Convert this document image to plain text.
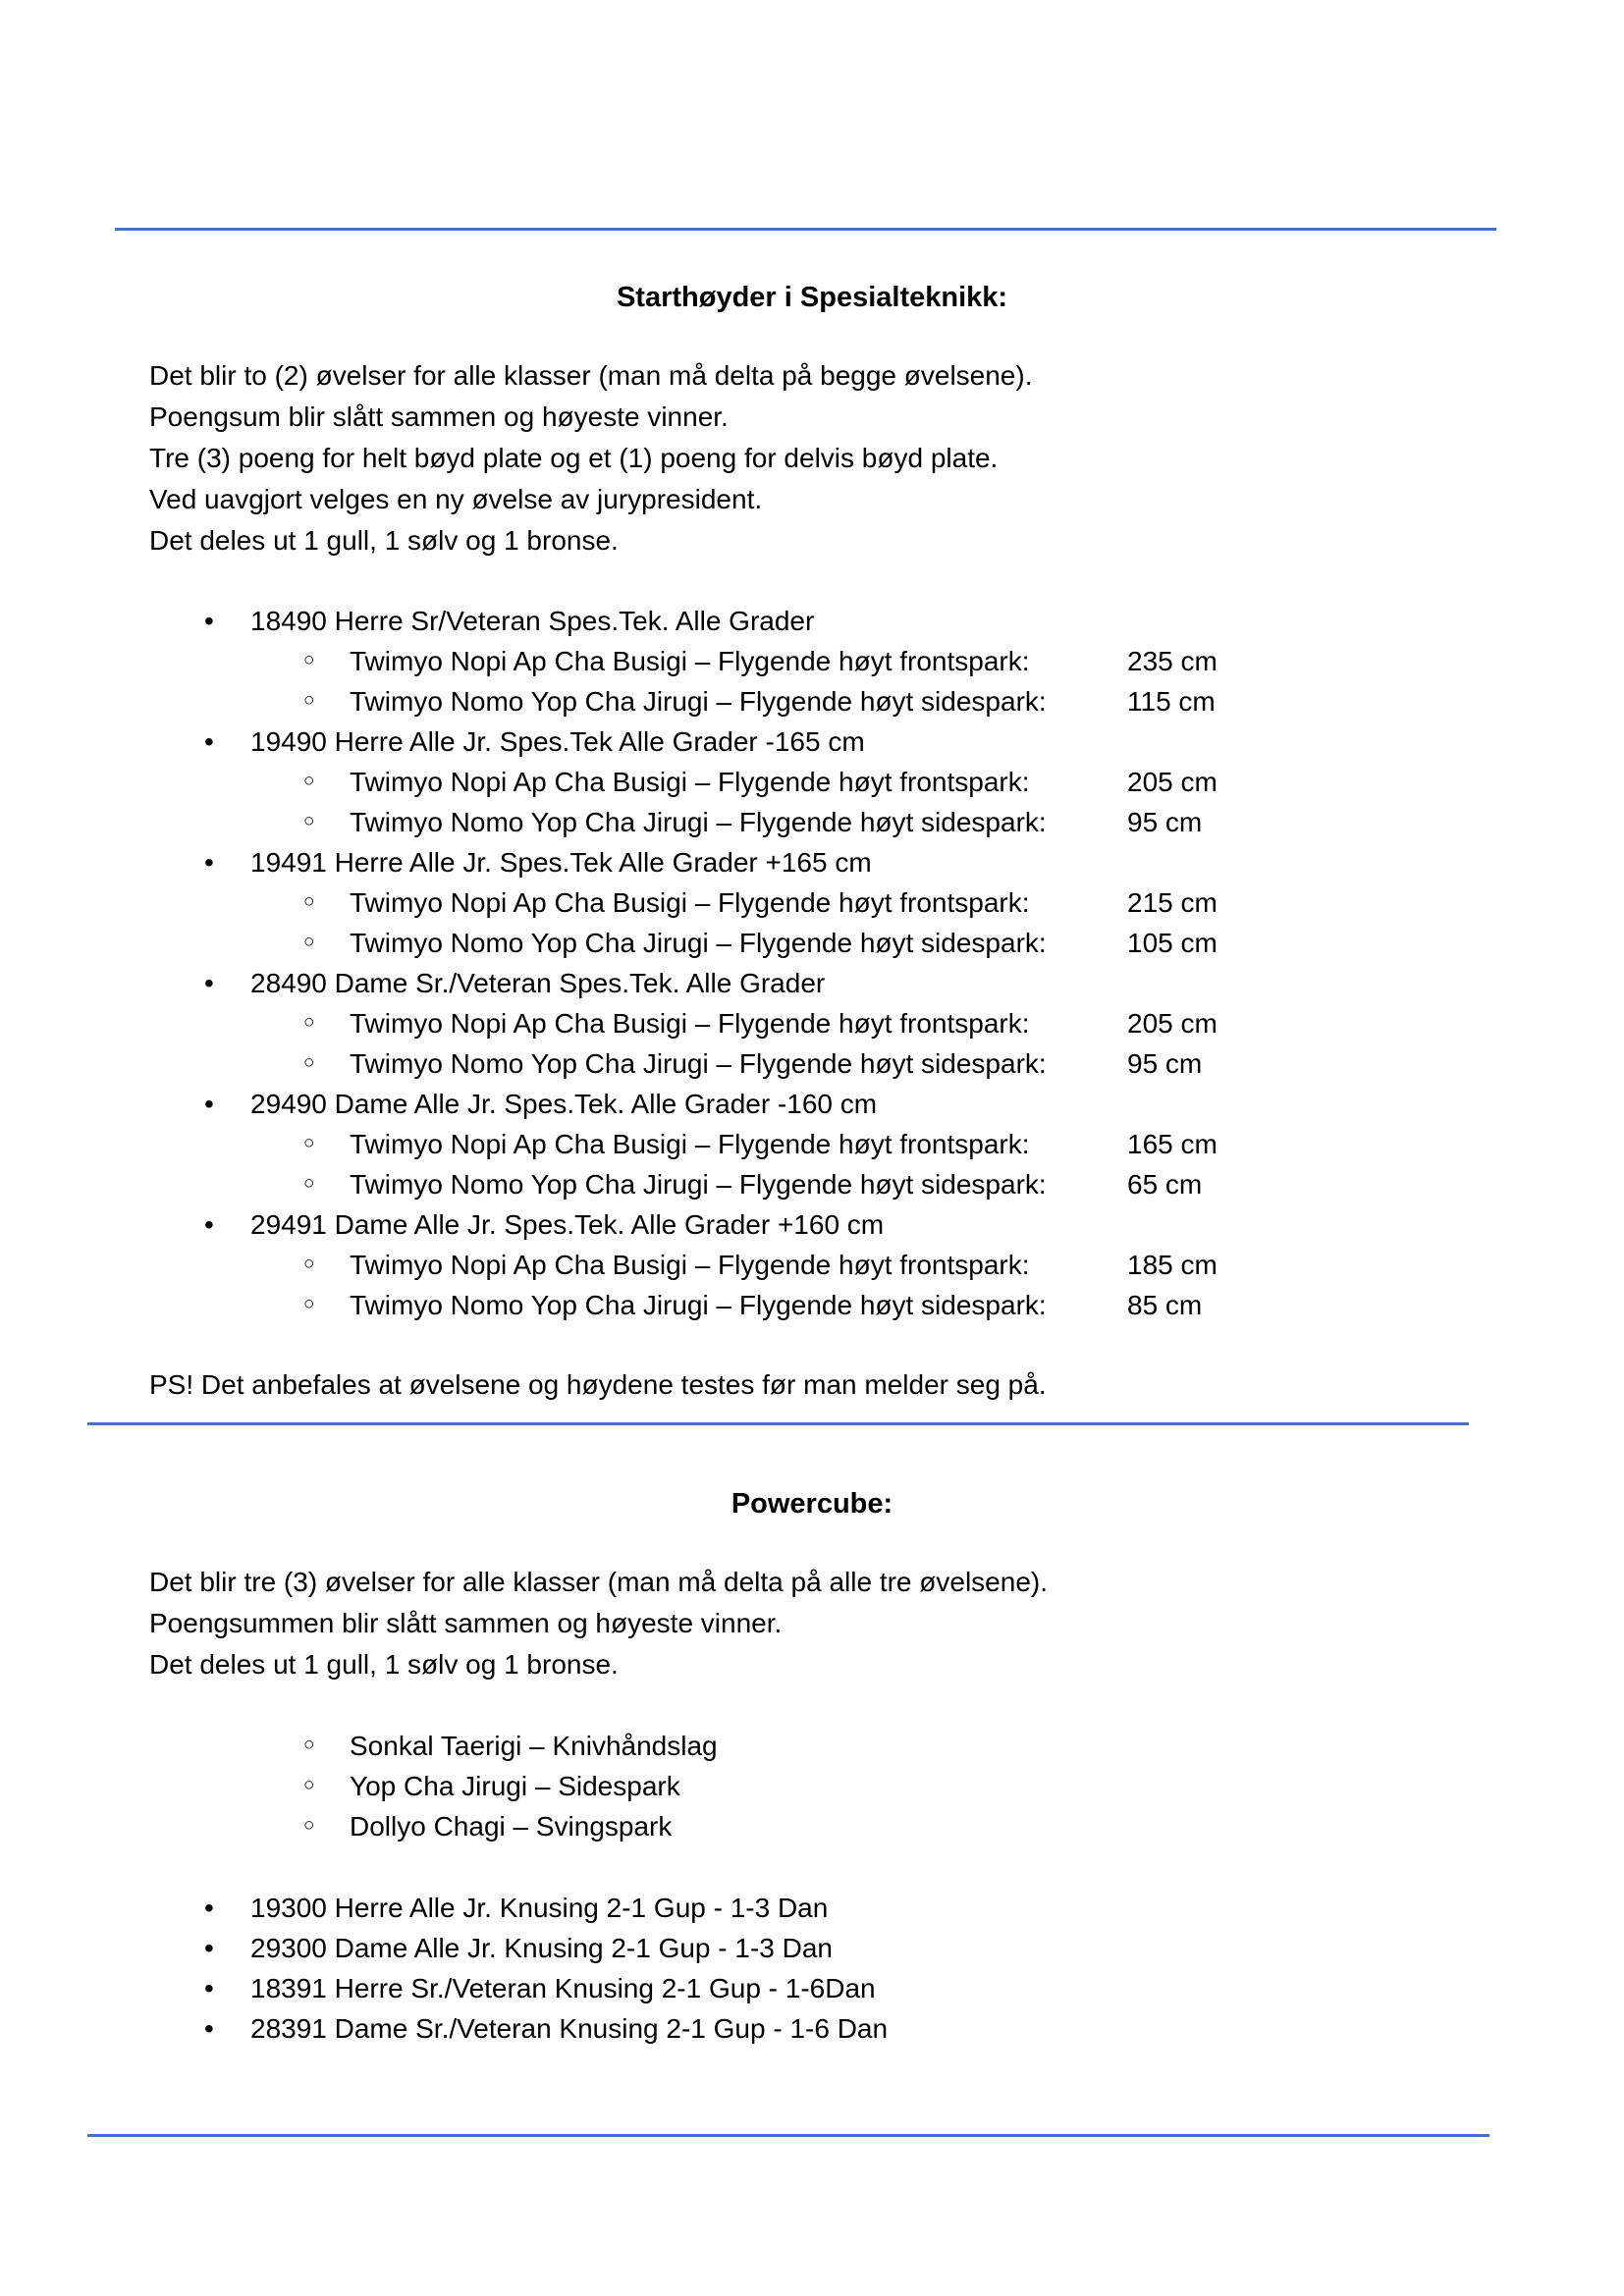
Starthøyder i Spesialteknikk:
Det blir to (2) øvelser for alle klasser (man må delta på begge øvelsene).
Poengsum blir slått sammen og høyeste vinner.
Tre (3) poeng for helt bøyd plate og et (1) poeng for delvis bøyd plate.
Ved uavgjort velges en ny øvelse av jurypresident.
Det deles ut 1 gull, 1 sølv og 1 bronse.
• 18490 Herre Sr/Veteran Spes.Tek. Alle Grader
○ Twimyo Nopi Ap Cha Busigi – Flygende høyt frontspark:	235 cm
○ Twimyo Nomo Yop Cha Jirugi – Flygende høyt sidespark:	115 cm
• 19490 Herre Alle Jr. Spes.Tek Alle Grader -165 cm
○ Twimyo Nopi Ap Cha Busigi – Flygende høyt frontspark:	205 cm
○ Twimyo Nomo Yop Cha Jirugi – Flygende høyt sidespark:	95 cm
• 19491 Herre Alle Jr. Spes.Tek Alle Grader +165 cm
○ Twimyo Nopi Ap Cha Busigi – Flygende høyt frontspark:	215 cm
○ Twimyo Nomo Yop Cha Jirugi – Flygende høyt sidespark:	105 cm
• 28490 Dame Sr./Veteran Spes.Tek. Alle Grader
○ Twimyo Nopi Ap Cha Busigi – Flygende høyt frontspark:	205 cm
○ Twimyo Nomo Yop Cha Jirugi – Flygende høyt sidespark:	95 cm
• 29490 Dame Alle Jr. Spes.Tek. Alle Grader -160 cm
○ Twimyo Nopi Ap Cha Busigi – Flygende høyt frontspark:	165 cm
○ Twimyo Nomo Yop Cha Jirugi – Flygende høyt sidespark:	65 cm
• 29491 Dame Alle Jr. Spes.Tek. Alle Grader +160 cm
○ Twimyo Nopi Ap Cha Busigi – Flygende høyt frontspark:	185 cm
○ Twimyo Nomo Yop Cha Jirugi – Flygende høyt sidespark:	85 cm
PS! Det anbefales at øvelsene og høydene testes før man melder seg på.
Powercube:
Det blir tre (3) øvelser for alle klasser (man må delta på alle tre øvelsene).
Poengsummen blir slått sammen og høyeste vinner.
Det deles ut 1 gull, 1 sølv og 1 bronse.
○ Sonkal Taerigi – Knivhåndslag
○ Yop Cha Jirugi – Sidespark
○ Dollyo Chagi – Svingspark
• 19300 Herre Alle Jr. Knusing 2-1 Gup - 1-3 Dan
• 29300 Dame Alle Jr. Knusing 2-1 Gup - 1-3 Dan
• 18391 Herre Sr./Veteran Knusing 2-1 Gup - 1-6Dan
• 28391 Dame Sr./Veteran Knusing 2-1 Gup - 1-6 Dan
